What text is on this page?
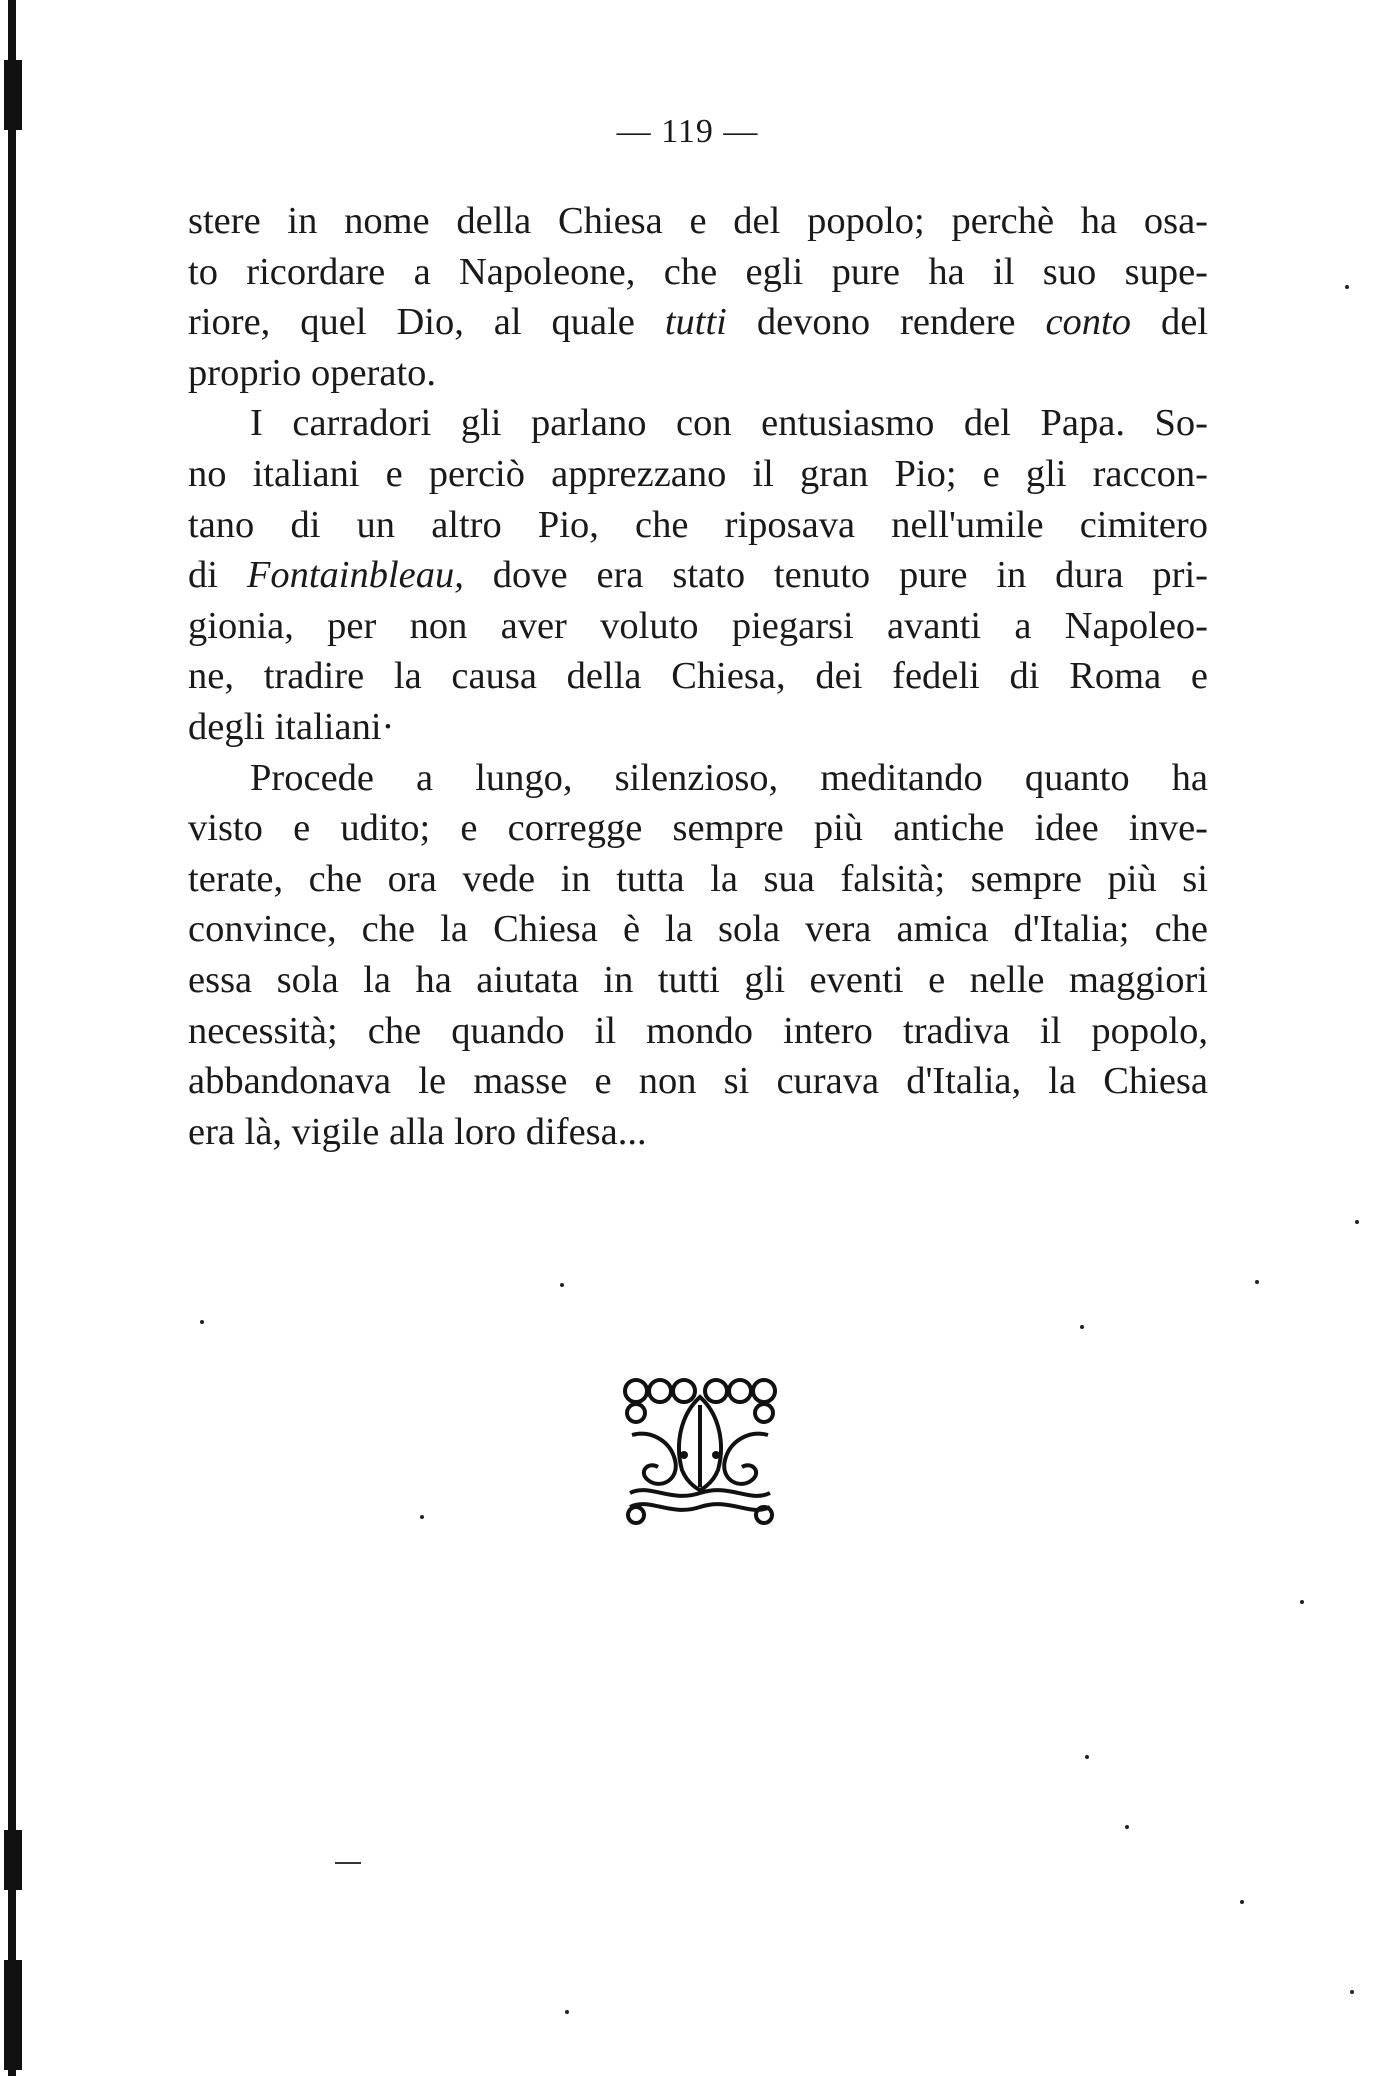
— 119 —
stere in nome della Chiesa e del popolo; perchè ha osa-
to ricordare a Napoleone, che egli pure ha il suo supe-
riore, quel Dio, al quale tutti devono rendere conto del
proprio operato.
I carradori gli parlano con entusiasmo del Papa. So-
no italiani e perciò apprezzano il gran Pio; e gli raccon-
tano di un altro Pio, che riposava nell'umile cimitero
di Fontainbleau, dove era stato tenuto pure in dura pri-
gionia, per non aver voluto piegarsi avanti a Napoleo-
ne, tradire la causa della Chiesa, dei fedeli di Roma e
degli italiani·
Procede a lungo, silenzioso, meditando quanto ha
visto e udito; e corregge sempre più antiche idee inve-
terate, che ora vede in tutta la sua falsità; sempre più si
convince, che la Chiesa è la sola vera amica d'Italia; che
essa sola la ha aiutata in tutti gli eventi e nelle maggiori
necessità; che quando il mondo intero tradiva il popolo,
abbandonava le masse e non si curava d'Italia, la Chiesa
era là, vigile alla loro difesa...
